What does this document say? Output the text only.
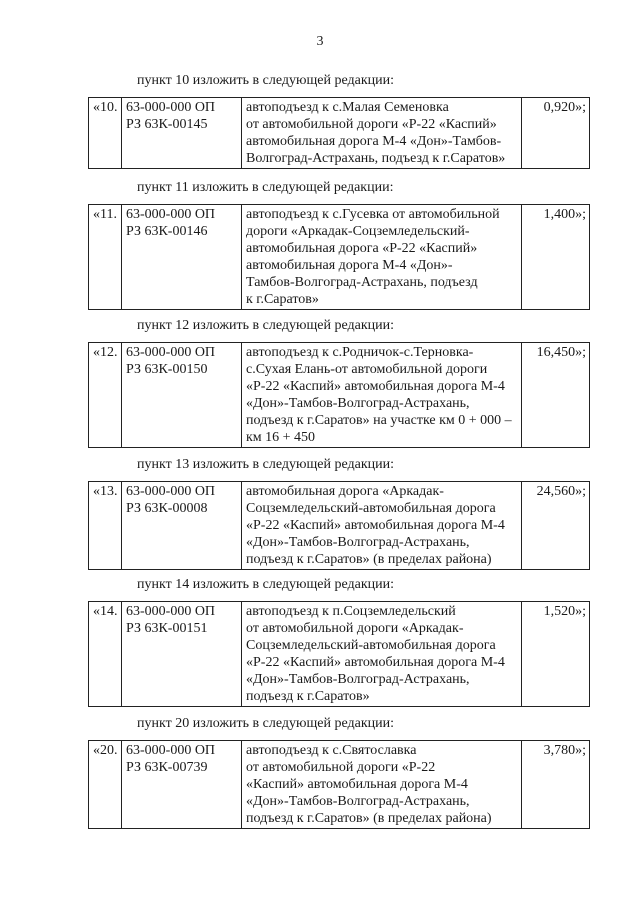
3
пункт 10 изложить в следующей редакции:
«10.	63-000-000 ОП
РЗ 63К-00145

автоподъезд к с.Малая Семеновка
от автомобильной дороги «Р-22 «Каспий»
автомобильная дорога М-4 «Дон»-Тамбов-
Волгоград-Астрахань, подъезд к г.Саратов»
	0,920»;
пункт 11 изложить в следующей редакции:
«11.	63-000-000 ОП
РЗ 63К-00146

автоподъезд к с.Гусевка от автомобильной
дороги «Аркадак-Соцземледельский-
автомобильная дорога «Р-22 «Каспий»
автомобильная дорога М-4 «Дон»-
Тамбов-Волгоград-Астрахань, подъезд
к г.Саратов»
	1,400»;
пункт 12 изложить в следующей редакции:
«12.	63-000-000 ОП
РЗ 63К-00150

автоподъезд к с.Родничок-с.Терновка-
с.Сухая Елань-от автомобильной дороги
«Р-22 «Каспий» автомобильная дорога М-4
«Дон»-Тамбов-Волгоград-Астрахань,
подъезд к г.Саратов» на участке км 0 + 000 –
км 16 + 450
	16,450»;
пункт 13 изложить в следующей редакции:
«13.	63-000-000 ОП
РЗ 63К-00008

автомобильная дорога «Аркадак-
Соцземледельский-автомобильная дорога
«Р-22 «Каспий» автомобильная дорога М-4
«Дон»-Тамбов-Волгоград-Астрахань,
подъезд к г.Саратов» (в пределах района)
	24,560»;
пункт 14 изложить в следующей редакции:
«14.	63-000-000 ОП
РЗ 63К-00151

автоподъезд к п.Соцземледельский
от автомобильной дороги «Аркадак-
Соцземледельский-автомобильная дорога
«Р-22 «Каспий» автомобильная дорога М-4
«Дон»-Тамбов-Волгоград-Астрахань,
подъезд к г.Саратов»
	1,520»;
пункт 20 изложить в следующей редакции:
«20.	63-000-000 ОП
РЗ 63К-00739

автоподъезд к с.Святославка
от автомобильной дороги «Р-22
«Каспий» автомобильная дорога М-4
«Дон»-Тамбов-Волгоград-Астрахань,
подъезд к г.Саратов» (в пределах района)
	3,780»;
